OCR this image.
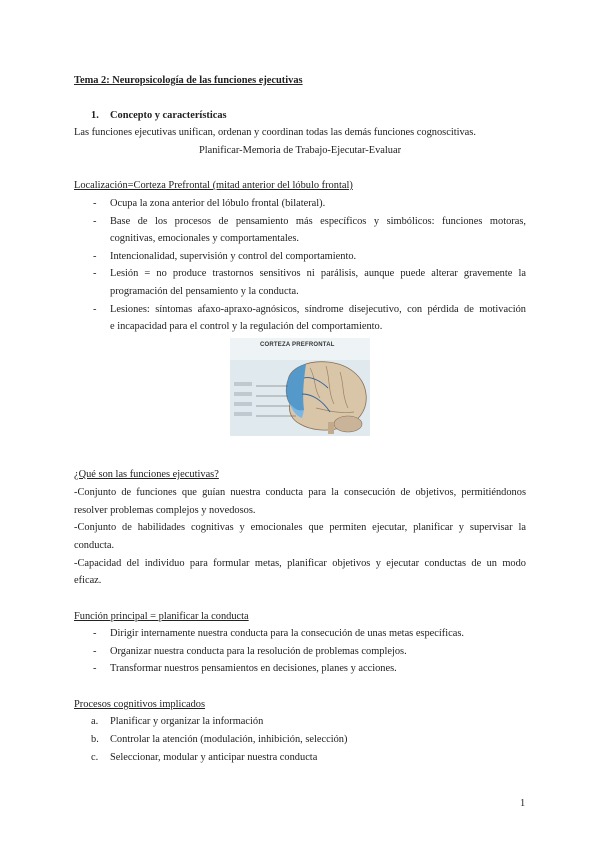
Tema 2: Neuropsicología de las funciones ejecutivas
1. Concepto y características
Las funciones ejecutivas unifican, ordenan y coordinan todas las demás funciones cognoscitivas.
Planificar-Memoria de Trabajo-Ejecutar-Evaluar
Localización=Corteza Prefrontal (mitad anterior del lóbulo frontal)
- Ocupa la zona anterior del lóbulo frontal (bilateral).
- Base de los procesos de pensamiento más específicos y simbólicos: funciones motoras,
cognitivas, emocionales y comportamentales.
- Intencionalidad, supervisión y control del comportamiento.
- Lesión = no produce trastornos sensitivos ni parálisis, aunque puede alterar gravemente la
programación del pensamiento y la conducta.
- Lesiones: síntomas afaxo-apraxo-agnósicos, síndrome disejecutivo, con pérdida de motivación
e incapacidad para el control y la regulación del comportamiento.
CORTEZA PREFRONTAL
¿Qué son las funciones ejecutivas?
-Conjunto de funciones que guían nuestra conducta para la consecución de objetivos, permitiéndonos
resolver problemas complejos y novedosos.
-Conjunto de habilidades cognitivas y emocionales que permiten ejecutar, planificar y supervisar la
conducta.
-Capacidad del individuo para formular metas, planificar objetivos y ejecutar conductas de un modo
eficaz.
Función principal = planificar la conducta
- Dirigir internamente nuestra conducta para la consecución de unas metas específicas.
- Organizar nuestra conducta para la resolución de problemas complejos.
- Transformar nuestros pensamientos en decisiones, planes y acciones.
Procesos cognitivos implicados
a. Planificar y organizar la información
b. Controlar la atención (modulación, inhibición, selección)
c. Seleccionar, modular y anticipar nuestra conducta
1
